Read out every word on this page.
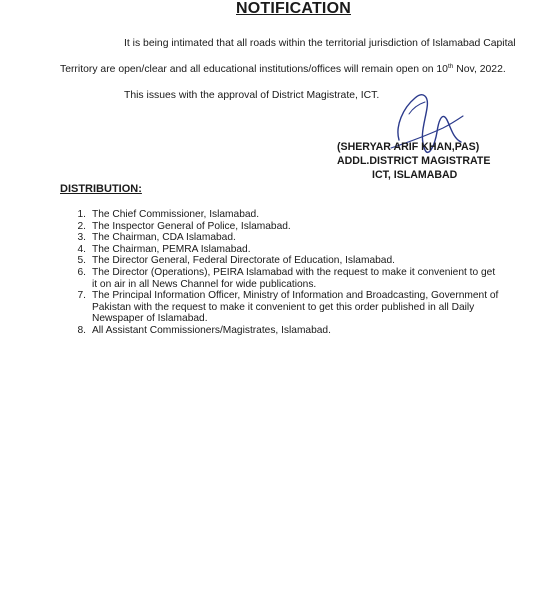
NOTIFICATION
It is being intimated that all roads within the territorial jurisdiction of Islamabad Capital
Territory are open/clear and all educational institutions/offices will remain open on 10th Nov, 2022.
This issues with the approval of District Magistrate, ICT.
(SHERYAR ARIF KHAN,PAS)
ADDL.DISTRICT MAGISTRATE
ICT, ISLAMABAD
DISTRIBUTION:
1. The Chief Commissioner, Islamabad.
2. The Inspector General of Police, Islamabad.
3. The Chairman, CDA Islamabad.
4. The Chairman, PEMRA Islamabad.
5. The Director General, Federal Directorate of Education, Islamabad.
6. The Director (Operations), PEIRA Islamabad with the request to make it convenient to get it on air in all News Channel for wide publications.
7. The Principal Information Officer, Ministry of Information and Broadcasting, Government of Pakistan with the request to make it convenient to get this order published in all Daily Newspaper of Islamabad.
8. All Assistant Commissioners/Magistrates, Islamabad.
